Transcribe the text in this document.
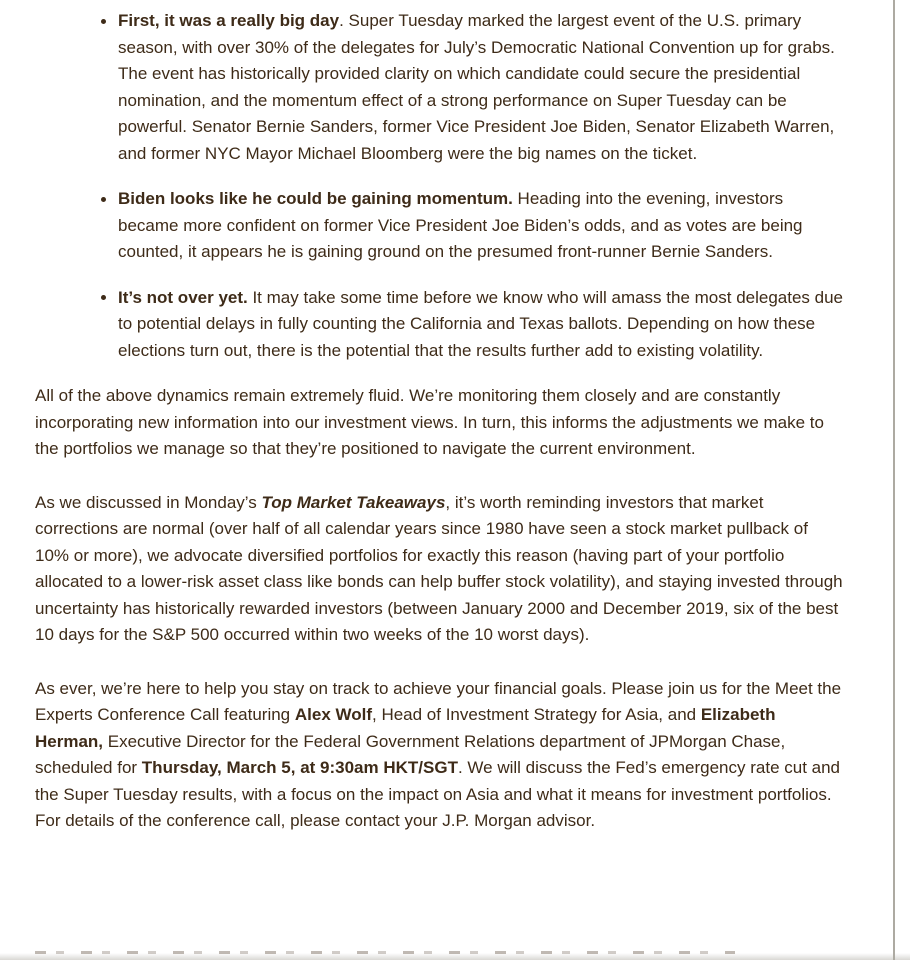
First, it was a really big day. Super Tuesday marked the largest event of the U.S. primary season, with over 30% of the delegates for July’s Democratic National Convention up for grabs. The event has historically provided clarity on which candidate could secure the presidential nomination, and the momentum effect of a strong performance on Super Tuesday can be powerful. Senator Bernie Sanders, former Vice President Joe Biden, Senator Elizabeth Warren, and former NYC Mayor Michael Bloomberg were the big names on the ticket.
Biden looks like he could be gaining momentum. Heading into the evening, investors became more confident on former Vice President Joe Biden’s odds, and as votes are being counted, it appears he is gaining ground on the presumed front-runner Bernie Sanders.
It’s not over yet. It may take some time before we know who will amass the most delegates due to potential delays in fully counting the California and Texas ballots. Depending on how these elections turn out, there is the potential that the results further add to existing volatility.

All of the above dynamics remain extremely fluid. We’re monitoring them closely and are constantly incorporating new information into our investment views. In turn, this informs the adjustments we make to the portfolios we manage so that they’re positioned to navigate the current environment.

As we discussed in Monday’s Top Market Takeaways, it’s worth reminding investors that market corrections are normal (over half of all calendar years since 1980 have seen a stock market pullback of 10% or more), we advocate diversified portfolios for exactly this reason (having part of your portfolio allocated to a lower-risk asset class like bonds can help buffer stock volatility), and staying invested through uncertainty has historically rewarded investors (between January 2000 and December 2019, six of the best 10 days for the S&P 500 occurred within two weeks of the 10 worst days).

As ever, we’re here to help you stay on track to achieve your financial goals. Please join us for the Meet the Experts Conference Call featuring Alex Wolf, Head of Investment Strategy for Asia, and Elizabeth Herman, Executive Director for the Federal Government Relations department of JPMorgan Chase, scheduled for Thursday, March 5, at 9:30am HKT/SGT. We will discuss the Fed’s emergency rate cut and the Super Tuesday results, with a focus on the impact on Asia and what it means for investment portfolios. For details of the conference call, please contact your J.P. Morgan advisor.
